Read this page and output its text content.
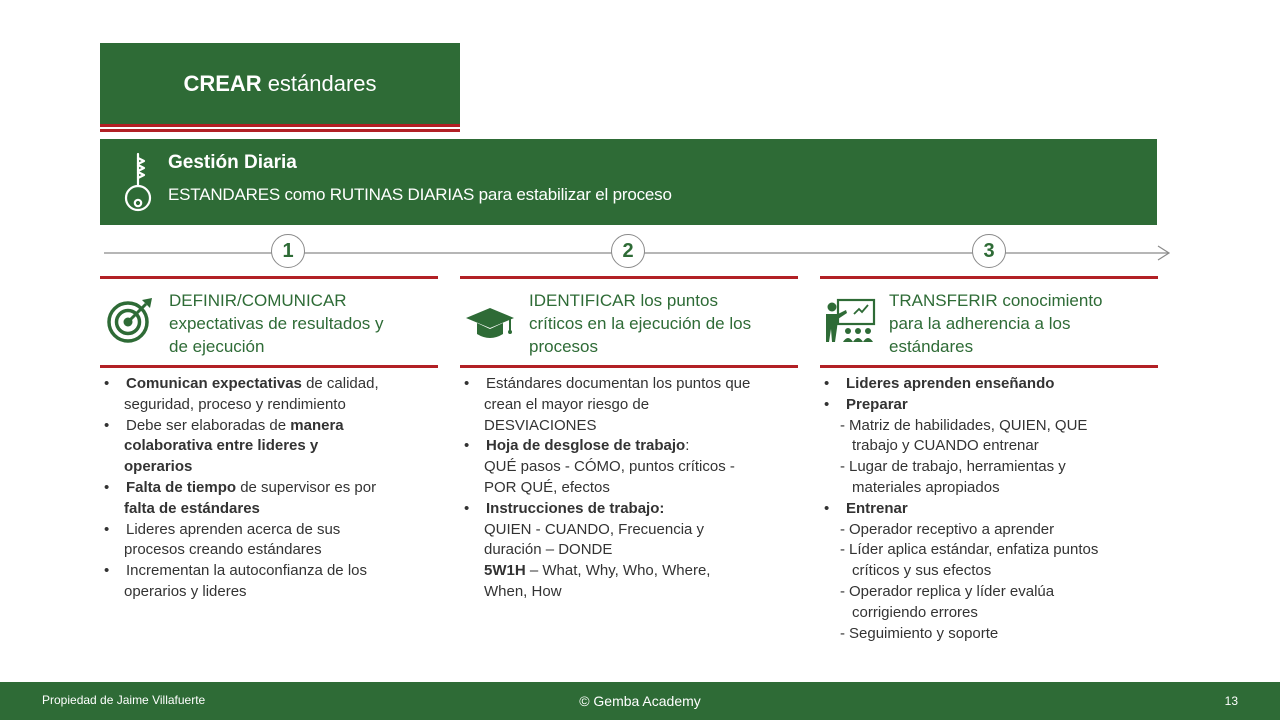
CREAR estándares
Gestión Diaria
ESTANDARES como RUTINAS DIARIAS para estabilizar el proceso
1	2	3
DEFINIR/COMUNICAR
expectativas de resultados y
de ejecución
• Comunican expectativas de calidad,
seguridad, proceso y rendimiento
• Debe ser elaboradas de manera
colaborativa entre lideres y
operarios
• Falta de tiempo de supervisor es por
falta de estándares
• Lideres aprenden acerca de sus
procesos creando estándares
• Incrementan la autoconfianza de los
operarios y lideres
IDENTIFICAR los puntos
críticos en la ejecución de los
procesos
• Estándares documentan los puntos que
crean el mayor riesgo de
DESVIACIONES
• Hoja de desglose de trabajo:
QUÉ pasos - CÓMO, puntos críticos -
POR QUÉ, efectos
• Instrucciones de trabajo:
QUIEN - CUANDO, Frecuencia y
duración – DONDE
5W1H – What, Why, Who, Where,
When, How
TRANSFERIR conocimiento
para la adherencia a los
estándares
• Lideres aprenden enseñando
• Preparar
- Matriz de habilidades, QUIEN, QUE
trabajo y CUANDO entrenar
- Lugar de trabajo, herramientas y
materiales apropiados
• Entrenar
- Operador receptivo a aprender
- Líder aplica estándar, enfatiza puntos
críticos y sus efectos
- Operador replica y líder evalúa
corrigiendo errores
- Seguimiento y soporte
Propiedad de Jaime Villafuerte	© Gemba Academy	13
